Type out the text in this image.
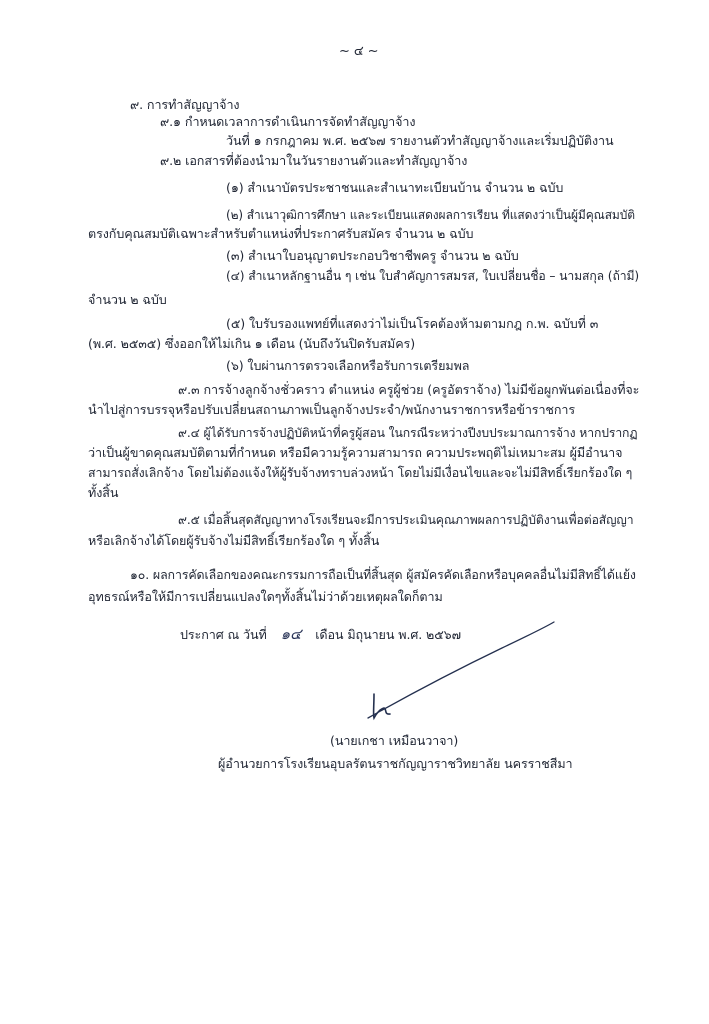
~ ๔ ~
๙. การทำสัญญาจ้าง
๙.๑ กำหนดเวลาการดำเนินการจัดทำสัญญาจ้าง
วันที่ ๑ กรกฎาคม พ.ศ. ๒๕๖๗ รายงานตัวทำสัญญาจ้างและเริ่มปฏิบัติงาน
๙.๒ เอกสารที่ต้องนำมาในวันรายงานตัวและทำสัญญาจ้าง
(๑) สำเนาบัตรประชาชนและสำเนาทะเบียนบ้าน จำนวน ๒ ฉบับ
(๒) สำเนาวุฒิการศึกษา และระเบียนแสดงผลการเรียน ที่แสดงว่าเป็นผู้มีคุณสมบัติ
ตรงกับคุณสมบัติเฉพาะสำหรับตำแหน่งที่ประกาศรับสมัคร จำนวน ๒ ฉบับ
(๓) สำเนาใบอนุญาตประกอบวิชาชีพครู จำนวน ๒ ฉบับ
(๔) สำเนาหลักฐานอื่น ๆ เช่น ใบสำคัญการสมรส, ใบเปลี่ยนชื่อ – นามสกุล (ถ้ามี)
จำนวน ๒ ฉบับ
(๕) ใบรับรองแพทย์ที่แสดงว่าไม่เป็นโรคต้องห้ามตามกฎ ก.พ. ฉบับที่ ๓
(พ.ศ. ๒๕๓๕) ซึ่งออกให้ไม่เกิน ๑ เดือน (นับถึงวันปิดรับสมัคร)
(๖) ใบผ่านการตรวจเลือกหรือรับการเตรียมพล
๙.๓ การจ้างลูกจ้างชั่วคราว ตำแหน่ง ครูผู้ช่วย (ครูอัตราจ้าง) ไม่มีข้อผูกพันต่อเนื่องที่จะ
นำไปสู่การบรรจุหรือปรับเปลี่ยนสถานภาพเป็นลูกจ้างประจำ/พนักงานราชการหรือข้าราชการ
๙.๔ ผู้ได้รับการจ้างปฏิบัติหน้าที่ครูผู้สอน ในกรณีระหว่างปีงบประมาณการจ้าง หากปรากฏ
ว่าเป็นผู้ขาดคุณสมบัติตามที่กำหนด หรือมีความรู้ความสามารถ ความประพฤติไม่เหมาะสม ผู้มีอำนาจ
สามารถสั่งเลิกจ้าง โดยไม่ต้องแจ้งให้ผู้รับจ้างทราบล่วงหน้า โดยไม่มีเงื่อนไขและจะไม่มีสิทธิ์เรียกร้องใด ๆ
ทั้งสิ้น
๙.๕ เมื่อสิ้นสุดสัญญาทางโรงเรียนจะมีการประเมินคุณภาพผลการปฏิบัติงานเพื่อต่อสัญญา
หรือเลิกจ้างได้โดยผู้รับจ้างไม่มีสิทธิ์เรียกร้องใด ๆ ทั้งสิ้น
๑๐. ผลการคัดเลือกของคณะกรรมการถือเป็นที่สิ้นสุด ผู้สมัครคัดเลือกหรือบุคคลอื่นไม่มีสิทธิ์ได้แย้ง
อุทธรณ์หรือให้มีการเปลี่ยนแปลงใดๆทั้งสิ้นไม่ว่าด้วยเหตุผลใดก็ตาม
ประกาศ ณ วันที่ ๑๔ เดือน มิถุนายน พ.ศ. ๒๕๖๗
(นายเกชา เหมือนวาจา)
ผู้อำนวยการโรงเรียนอุบลรัตนราชกัญญาราชวิทยาลัย นครราชสีมา
